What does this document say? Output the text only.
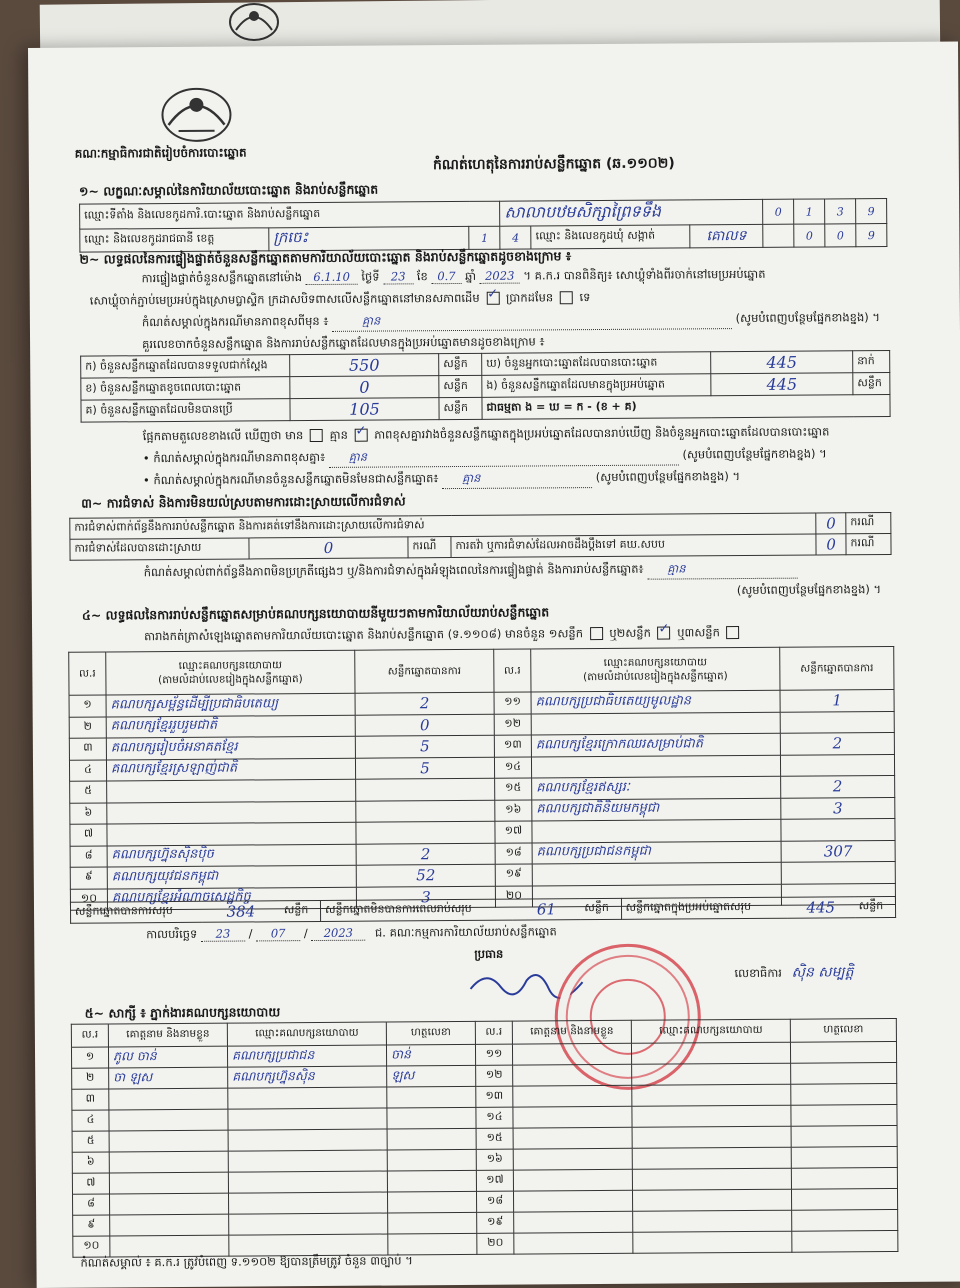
គណៈកម្មាធិការជាតិរៀបចំការបោះឆ្នោត
កំណត់ហេតុនៃការរាប់សន្លឹកឆ្នោត (ឆ.១១០២)
១~ លក្ខណៈសម្គាល់នៃការិយាល័យបោះឆ្នោត និងរាប់សន្លឹកឆ្នោត
ឈ្មោះទីតាំង និងលេខកូដការិ.បោះឆ្នោត និងរាប់សន្លឹកឆ្នោត			សាលាបឋមសិក្សាព្រៃទទឹង			0	1	3	9
ឈ្មោះ និងលេខកូដរាជធានី ខេត្ត	ក្រចេះ	1	4	ឈ្មោះ និងលេខកូដឃុំ សង្កាត់	គោលទ		0	0	9
២~ លទ្ធផលនៃការផ្ទៀងផ្ទាត់ចំនួនសន្លឹកឆ្នោតតាមការិយាល័យបោះឆ្នោត និងរាប់សន្លឹកឆ្នោតដូចខាងក្រោម ៖
ការផ្ទៀងផ្ទាត់ចំនួនសន្លឹកឆ្នោតនៅម៉ោង 6.1.10 ថ្ងៃទី 23 ខែ 0.7 ឆ្នាំ 2023 ។ គ.ក.រ បានពិនិត្យ៖ សោឃ្លុំទាំងពីរចាក់នៅមេប្រអប់ឆ្នោត
សោឃ្លុំចាក់ភ្ជាប់មេប្រអប់ក្នុងស្រោមប្លាស្ទិក ក្រដាសបិទពាសលើសន្លឹកឆ្នោតនៅមានសភាពដើម ✓ ប្រាកដមែន ទេ
កំណត់សម្គាល់ក្នុងករណីមានភាពខុសពីមុន ៖	គ្មាន	(សូមបំពេញបន្ថែមផ្នែកខាងខ្នង) ។
គួរលេខចាកចំនួនសន្លឹកឆ្នោត និងការរាប់សន្លឹកឆ្នោតដែលមានក្នុងប្រអប់ឆ្នោតមានដូចខាងក្រោម ៖
ក) ចំនួនសន្លឹកឆ្នោតដែលបានទទួលជាក់ស្តែង	550	សន្លឹក	ឃ) ចំនួនអ្នកបោះឆ្នោតដែលបានបោះឆ្នោត	445	នាក់
ខ) ចំនួនសន្លឹកឆ្នោតខូចពេលបោះឆ្នោត	0	សន្លឹក	ង) ចំនួនសន្លឹកឆ្នោតដែលមានក្នុងប្រអប់ឆ្នោត	445	សន្លឹក
គ) ចំនួនសន្លឹកឆ្នោតដែលមិនបានប្រើ	105	សន្លឹក	ជាធម្មតា ង = ឃ = ក - (ខ + គ)		
ផ្អែកតាមតួលេខខាងលើ ឃើញថា មាន គ្មាន ✓ ភាពខុសគ្នារវាងចំនួនសន្លឹកឆ្នោតក្នុងប្រអប់ឆ្នោតដែលបានរាប់ឃើញ និងចំនួនអ្នកបោះឆ្នោតដែលបានបោះឆ្នោត
• កំណត់សម្គាល់ក្នុងករណីមានភាពខុសគ្នា៖ គ្មាន	(សូមបំពេញបន្ថែមផ្នែកខាងខ្នង) ។
• កំណត់សម្គាល់ក្នុងករណីមានចំនួនសន្លឹកឆ្នោតមិនមែនជាសន្លឹកឆ្នោត៖ គ្មាន	(សូមបំពេញបន្ថែមផ្នែកខាងខ្នង) ។
៣~ ការជំទាស់ និងការមិនយល់ស្របតាមការដោះស្រាយលើការជំទាស់
ការជំទាស់ពាក់ព័ន្ធនឹងការរាប់សន្លឹកឆ្នោត និងការគត់ទៅនឹងការដោះស្រាយលើការជំទាស់				0	ករណី
ការជំទាស់ដែលបានដោះស្រាយ	0	ករណី	ការតវ៉ា ឬការជំទាស់ដែលអាចដឹងប្តឹងទៅ គឃ.សបប	0	ករណី
កំណត់សម្គាល់ពាក់ព័ន្ធនឹងភាពមិនប្រក្រតីផ្សេងៗ ឬ/និងការជំទាស់ក្នុងអំឡុងពេលនៃការផ្ទៀងផ្ទាត់ និងការរាប់សន្លឹកឆ្នោត៖ គ្មាន
(សូមបំពេញបន្ថែមផ្នែកខាងខ្នង) ។
៤~ លទ្ធផលនៃការរាប់សន្លឹកឆ្នោតសម្រាប់គណបក្សនយោបាយនីមួយៗតាមការិយាល័យរាប់សន្លឹកឆ្នោត
តារាងកត់ត្រាសំឡេងឆ្នោតតាមការិយាល័យបោះឆ្នោត និងរាប់សន្លឹកឆ្នោត (ទ.១១០៨) មានចំនួន ១សន្លឹក ឬ២សន្លឹក ✓ ឬ៣សន្លឹក
ល.រ	ឈ្មោះគណបក្សនយោបាយ
(តាមលំដាប់លេខរៀងក្នុងសន្លឹកឆ្នោត)	សន្លឹកឆ្នោតបានការ	ល.រ	ឈ្មោះគណបក្សនយោបាយ
(តាមលំដាប់លេខរៀងក្នុងសន្លឹកឆ្នោត)	សន្លឹកឆ្នោតបានការ
១	គណបក្សសម្ព័ន្ធដើម្បីប្រជាធិបតេយ្យ	2	១១	គណបក្សប្រជាធិបតេយ្យមូលដ្ឋាន	1
២	គណបក្សខ្មែររួបរួមជាតិ	0	១២		
៣	គណបក្សរៀបចំអនាគតខ្មែរ	5	១៣	គណបក្សខ្មែរក្រោកឈរសម្រាប់ជាតិ	2
៤	គណបក្សខ្មែរស្រឡាញ់ជាតិ	5	១៤		
៥			១៥	គណបក្សខ្មែរឥស្សរៈ	2
៦			១៦	គណបក្សជាតិនិយមកម្ពុជា	3
៧			១៧		
៨	គណបក្សហ្វ៊ុនស៊ិនប៉ិច	2	១៨	គណបក្សប្រជាជនកម្ពុជា	307
៩	គណបក្សយុវជនកម្ពុជា	52	១៩		
១០	គណបក្សខ្មែរអំណាចសេដ្ឋកិច្ច	3	២០		
សន្លឹកឆ្នោតបានការសរុប	384	សន្លឹក	សន្លឹកឆ្នោតមិនបានការពេលរាប់សរុប	61	សន្លឹក	សន្លឹកឆ្នោតក្នុងប្រអប់ឆ្នោតសរុប	445	សន្លឹក
កាលបរិច្ឆេទ 23 / 07 / 2023 ជ. គណៈកម្មការការិយាល័យរាប់សន្លឹកឆ្នោត
ប្រធាន
លេខាធិការ ស៊ិន សម្បត្តិ
៥~ សាក្សី ៖ ភ្នាក់ងារគណបក្សនយោបាយ
ល.រ	គោត្តនាម និងនាមខ្លួន	ឈ្មោះគណបក្សនយោបាយ	ហត្ថលេខា	ល.រ	គោត្តនាម និងនាមខ្លួន	ឈ្មោះគណបក្សនយោបាយ	ហត្ថលេខា
១	ភូល ចាន់	គណបក្សប្រជាជន	ចាន់	១១			
២	ចា ឡស	គណបក្សហ្វ៊ុនស៊ិន	ឡស	១២			
៣				១៣			
៤				១៤			
៥				១៥			
៦				១៦			
៧				១៧			
៨				១៨			
៩				១៩			
១០				២០			
កំណត់សម្គាល់ ៖ គ.ក.រ ត្រូវបំពេញ ទ.១១០២ ឱ្យបានត្រឹមត្រូវ ចំនួន ៣ច្បាប់ ។
